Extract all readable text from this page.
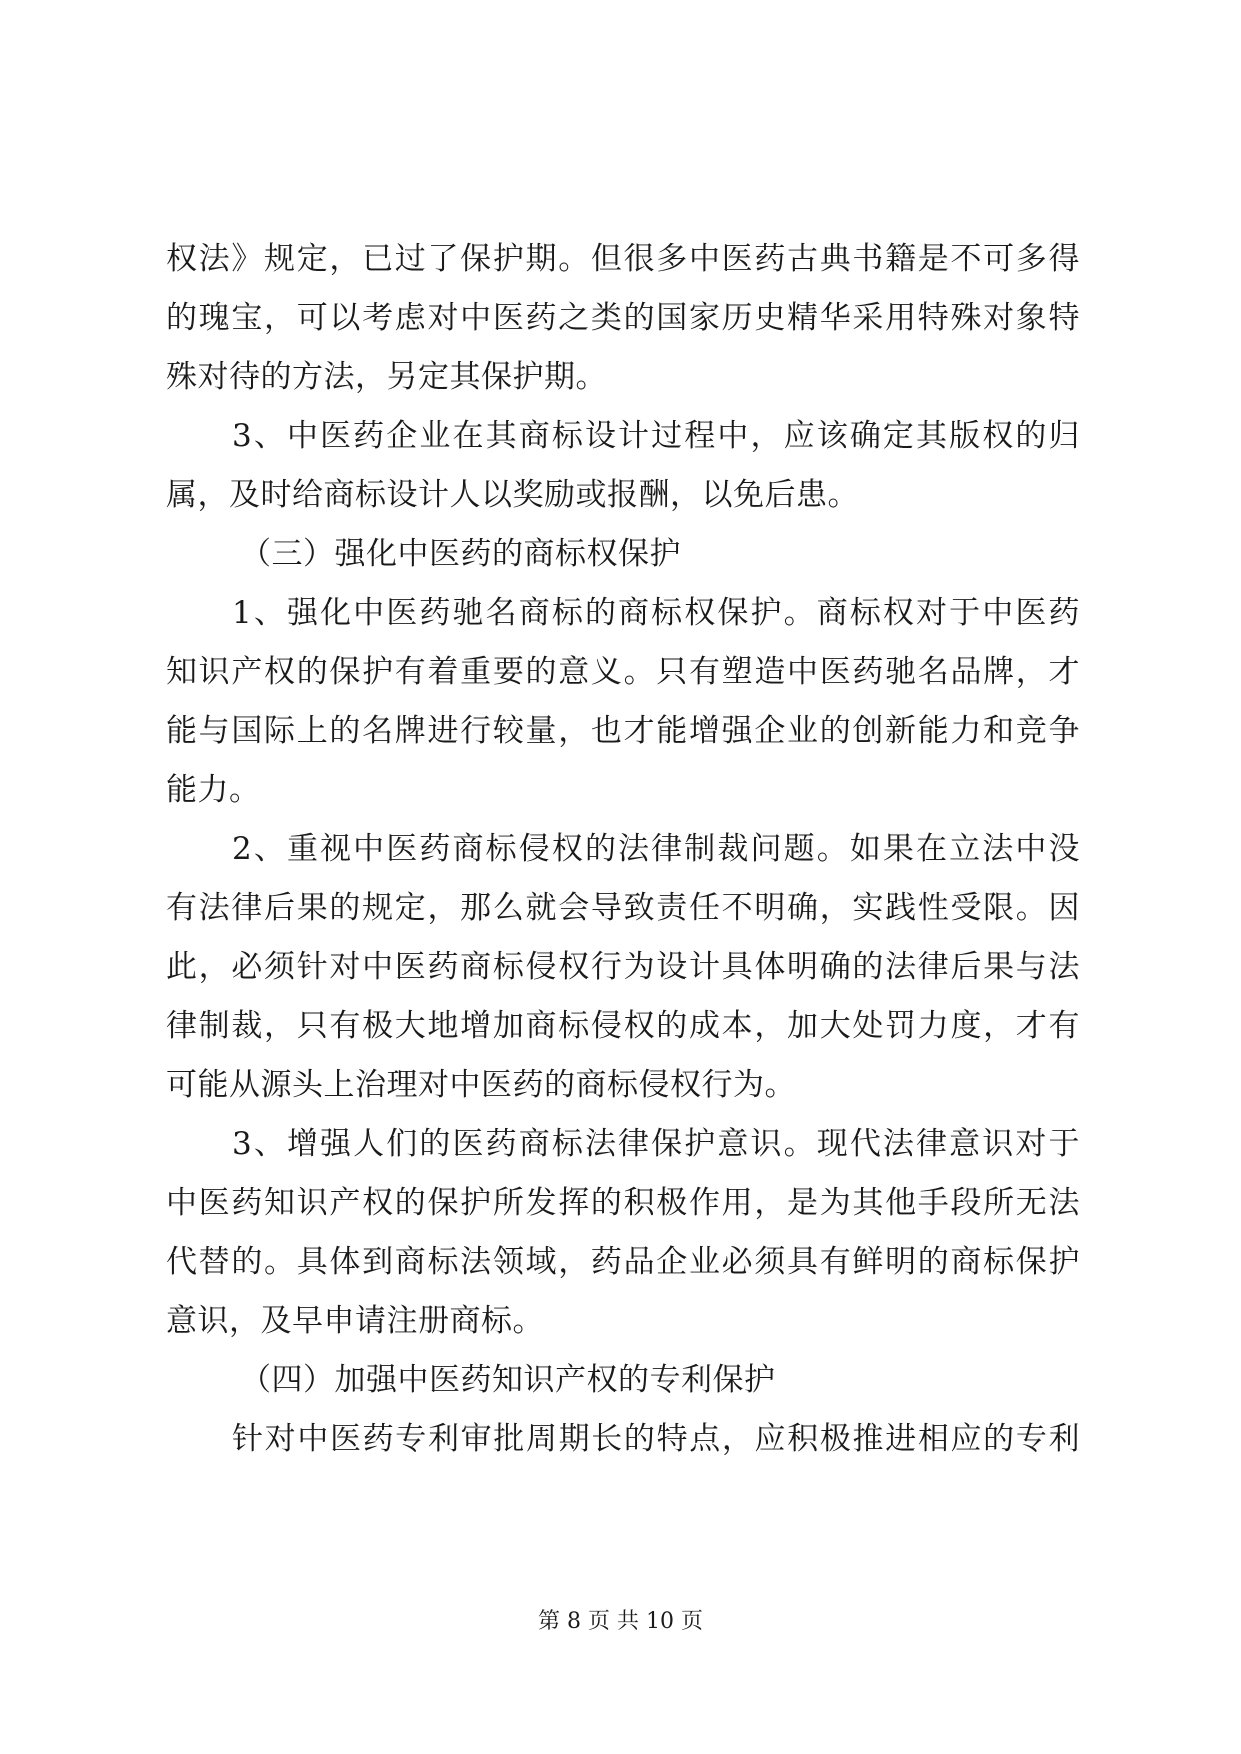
权法》规定，已过了保护期。但很多中医药古典书籍是不可多得
的瑰宝，可以考虑对中医药之类的国家历史精华采用特殊对象特
殊对待的方法，另定其保护期。
3、中医药企业在其商标设计过程中，应该确定其版权的归
属，及时给商标设计人以奖励或报酬，以免后患。
（三）强化中医药的商标权保护
1、强化中医药驰名商标的商标权保护。商标权对于中医药
知识产权的保护有着重要的意义。只有塑造中医药驰名品牌，才
能与国际上的名牌进行较量，也才能增强企业的创新能力和竞争
能力。
2、重视中医药商标侵权的法律制裁问题。如果在立法中没
有法律后果的规定，那么就会导致责任不明确，实践性受限。因
此，必须针对中医药商标侵权行为设计具体明确的法律后果与法
律制裁，只有极大地增加商标侵权的成本，加大处罚力度，才有
可能从源头上治理对中医药的商标侵权行为。
3、增强人们的医药商标法律保护意识。现代法律意识对于
中医药知识产权的保护所发挥的积极作用，是为其他手段所无法
代替的。具体到商标法领域，药品企业必须具有鲜明的商标保护
意识，及早申请注册商标。
（四）加强中医药知识产权的专利保护
针对中医药专利审批周期长的特点，应积极推进相应的专利
第 8 页 共 10 页
